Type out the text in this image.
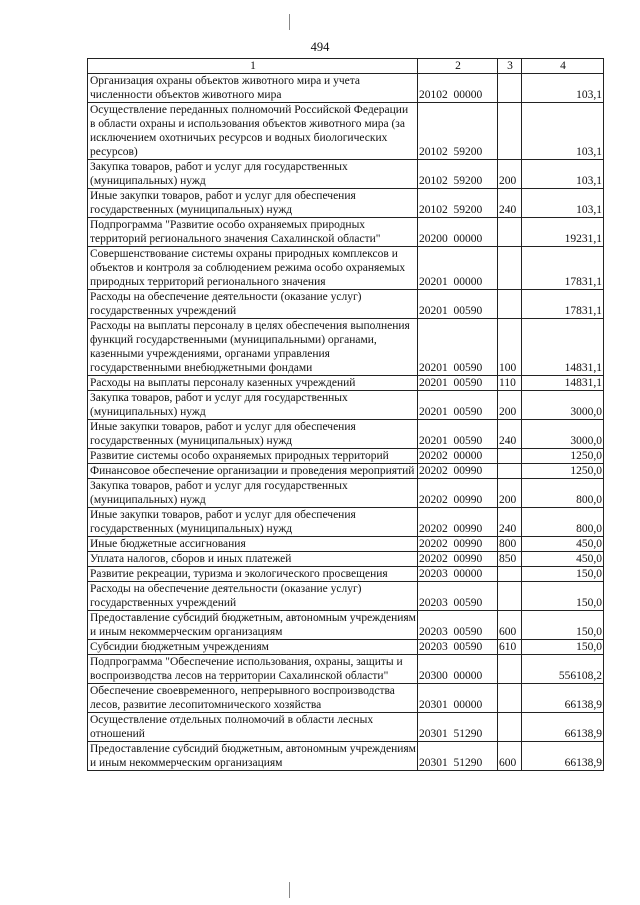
494
1	2	3	4
Организация охраны объектов животного мира и учета численности объектов животного мира	20102  00000		103,1
Осуществление переданных полномочий Российской Федерации в области охраны и использования объектов животного мира (за исключением охотничьих ресурсов и водных биологических ресурсов)	20102  59200		103,1
Закупка товаров, работ и услуг для государственных (муниципальных) нужд	20102  59200	200	103,1
Иные закупки товаров, работ и услуг для обеспечения государственных (муниципальных) нужд	20102  59200	240	103,1
Подпрограмма "Развитие особо охраняемых природных территорий регионального значения Сахалинской области"	20200  00000		19231,1
Совершенствование системы охраны природных комплексов и объектов и контроля за соблюдением режима особо охраняемых природных территорий регионального значения	20201  00000		17831,1
Расходы на обеспечение деятельности (оказание услуг) государственных учреждений	20201  00590		17831,1
Расходы на выплаты персоналу в целях обеспечения выполнения функций государственными (муниципальными) органами, казенными учреждениями, органами управления государственными внебюджетными фондами	20201  00590	100	14831,1
Расходы на выплаты персоналу казенных учреждений	20201  00590	110	14831,1
Закупка товаров, работ и услуг для государственных (муниципальных) нужд	20201  00590	200	3000,0
Иные закупки товаров, работ и услуг для обеспечения государственных (муниципальных) нужд	20201  00590	240	3000,0
Развитие системы особо охраняемых природных территорий	20202  00000		1250,0
Финансовое обеспечение организации и проведения мероприятий	20202  00990		1250,0
Закупка товаров, работ и услуг для государственных (муниципальных) нужд	20202  00990	200	800,0
Иные закупки товаров, работ и услуг для обеспечения государственных (муниципальных) нужд	20202  00990	240	800,0
Иные бюджетные ассигнования	20202  00990	800	450,0
Уплата налогов, сборов и иных платежей	20202  00990	850	450,0
Развитие рекреации, туризма и экологического просвещения	20203  00000		150,0
Расходы на обеспечение деятельности (оказание услуг) государственных учреждений	20203  00590		150,0
Предоставление субсидий бюджетным, автономным учреждениям и иным некоммерческим организациям	20203  00590	600	150,0
Субсидии бюджетным учреждениям	20203  00590	610	150,0
Подпрограмма "Обеспечение использования, охраны, защиты и воспроизводства лесов на территории Сахалинской области"	20300  00000		556108,2
Обеспечение своевременного, непрерывного воспроизводства лесов, развитие лесопитомнического хозяйства	20301  00000		66138,9
Осуществление отдельных полномочий в области лесных отношений	20301  51290		66138,9
Предоставление субсидий бюджетным, автономным учреждениям и иным некоммерческим организациям	20301  51290	600	66138,9
